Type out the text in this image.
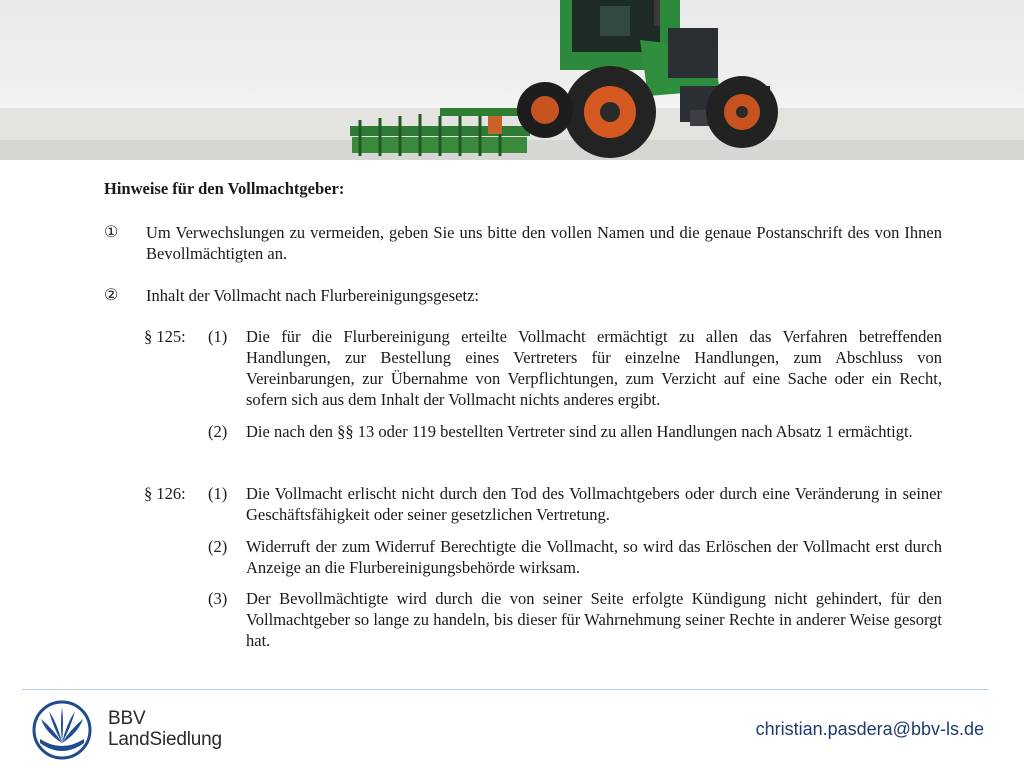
Hinweise für den Vollmachtgeber:
① Um Verwechslungen zu vermeiden, geben Sie uns bitte den vollen Namen und die genaue Postanschrift des von Ihnen Bevollmächtigten an.
② Inhalt der Vollmacht nach Flurbereinigungsgesetz:
§ 125: (1) Die für die Flurbereinigung erteilte Vollmacht ermächtigt zu allen das Verfahren betreffenden Handlungen, zur Bestellung eines Vertreters für einzelne Handlungen, zum Abschluss von Vereinbarungen, zur Übernahme von Verpflichtungen, zum Verzicht auf eine Sache oder ein Recht, sofern sich aus dem Inhalt der Vollmacht nichts anderes ergibt.
(2) Die nach den §§ 13 oder 119 bestellten Vertreter sind zu allen Handlungen nach Absatz 1 ermächtigt.
§ 126: (1) Die Vollmacht erlischt nicht durch den Tod des Vollmachtgebers oder durch eine Veränderung in seiner Geschäftsfähigkeit oder seiner gesetzlichen Vertretung.
(2) Widerruft der zum Widerruf Berechtigte die Vollmacht, so wird das Erlöschen der Vollmacht erst durch Anzeige an die Flurbereinigungsbehörde wirksam.
(3) Der Bevollmächtigte wird durch die von seiner Seite erfolgte Kündigung nicht gehindert, für den Vollmachtgeber so lange zu handeln, bis dieser für Wahrnehmung seiner Rechte in anderer Weise gesorgt hat.
BBV
LandSiedlung	christian.pasdera@bbv-ls.de
